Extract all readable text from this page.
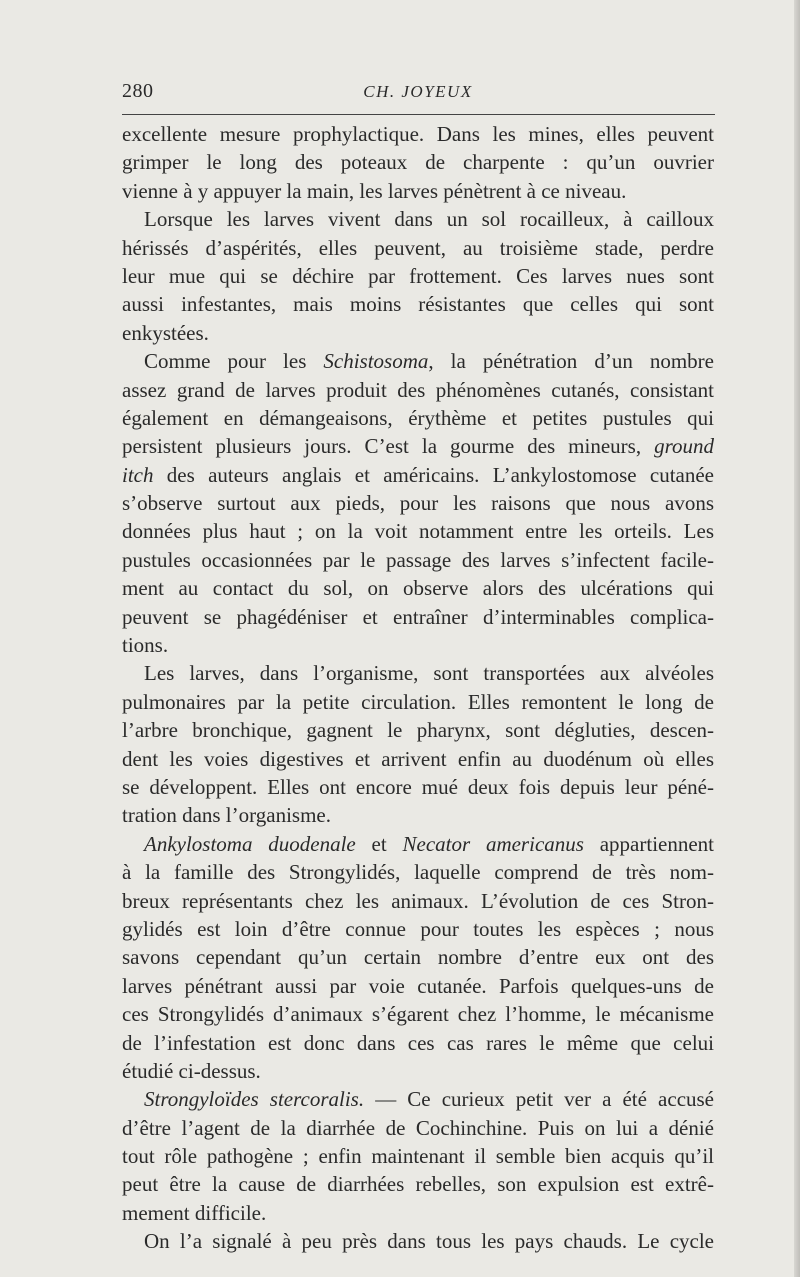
280	CH. JOYEUX
excellente mesure prophylactique. Dans les mines, elles peuvent
grimper le long des poteaux de charpente : qu’un ouvrier
vienne à y appuyer la main, les larves pénètrent à ce niveau.
Lorsque les larves vivent dans un sol rocailleux, à cailloux
hérissés d’aspérités, elles peuvent, au troisième stade, perdre
leur mue qui se déchire par frottement. Ces larves nues sont
aussi infestantes, mais moins résistantes que celles qui sont
enkystées.
Comme pour les Schistosoma, la pénétration d’un nombre
assez grand de larves produit des phénomènes cutanés, consistant
également en démangeaisons, érythème et petites pustules qui
persistent plusieurs jours. C’est la gourme des mineurs, ground
itch des auteurs anglais et américains. L’ankylostomose cutanée
s’observe surtout aux pieds, pour les raisons que nous avons
données plus haut ; on la voit notamment entre les orteils. Les
pustules occasionnées par le passage des larves s’infectent facile-
ment au contact du sol, on observe alors des ulcérations qui
peuvent se phagédéniser et entraîner d’interminables complica-
tions.
Les larves, dans l’organisme, sont transportées aux alvéoles
pulmonaires par la petite circulation. Elles remontent le long de
l’arbre bronchique, gagnent le pharynx, sont dégluties, descen-
dent les voies digestives et arrivent enfin au duodénum où elles
se développent. Elles ont encore mué deux fois depuis leur péné-
tration dans l’organisme.
Ankylostoma duodenale et Necator americanus appartiennent
à la famille des Strongylidés, laquelle comprend de très nom-
breux représentants chez les animaux. L’évolution de ces Stron-
gylidés est loin d’être connue pour toutes les espèces ; nous
savons cependant qu’un certain nombre d’entre eux ont des
larves pénétrant aussi par voie cutanée. Parfois quelques-uns de
ces Strongylidés d’animaux s’égarent chez l’homme, le mécanisme
de l’infestation est donc dans ces cas rares le même que celui
étudié ci-dessus.
Strongyloïdes stercoralis. — Ce curieux petit ver a été accusé
d’être l’agent de la diarrhée de Cochinchine. Puis on lui a dénié
tout rôle pathogène ; enfin maintenant il semble bien acquis qu’il
peut être la cause de diarrhées rebelles, son expulsion est extrê-
mement difficile.
On l’a signalé à peu près dans tous les pays chauds. Le cycle
